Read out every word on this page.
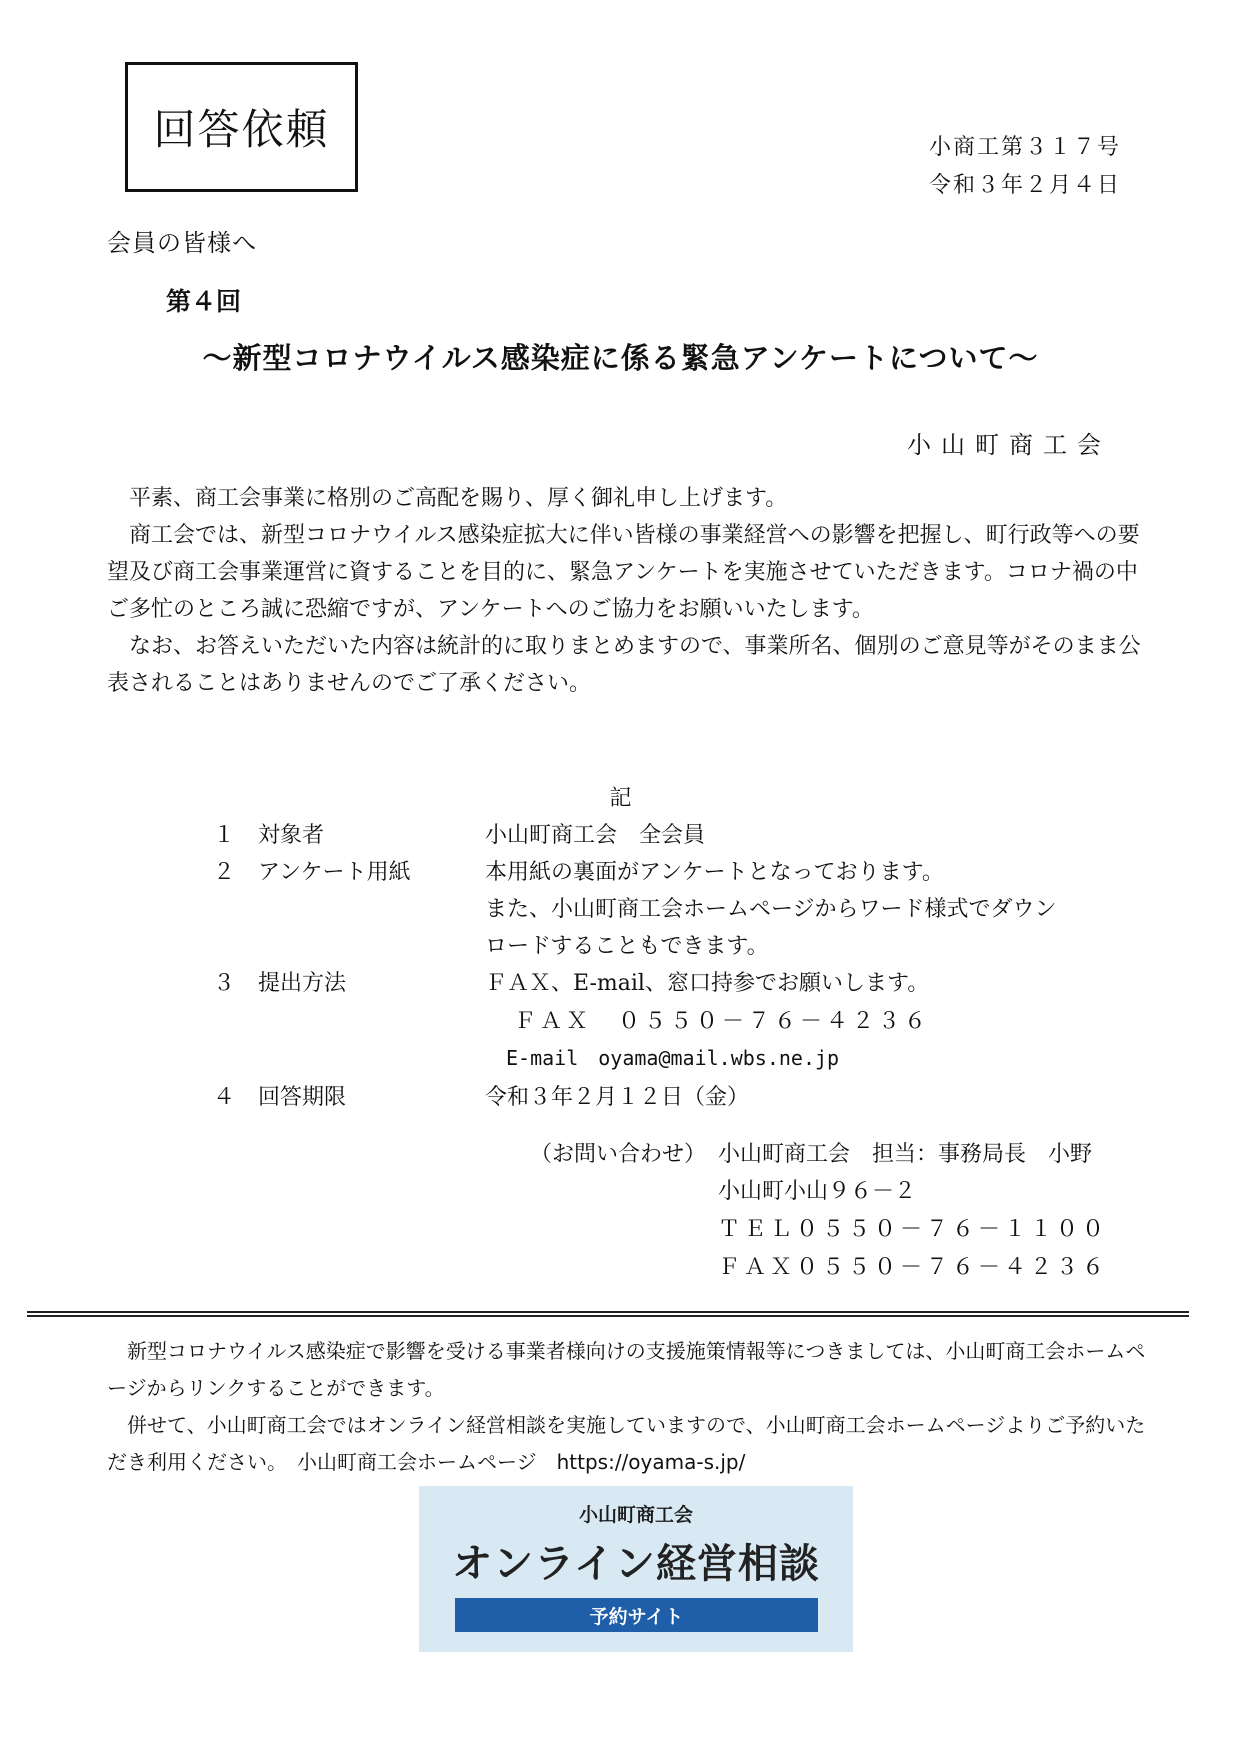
回答依頼	小商工第３１７号
令和３年２月４日
会員の皆様へ
第４回
～新型コロナウイルス感染症に係る緊急アンケートについて～
小山町商工会

平素、商工会事業に格別のご高配を賜り、厚く御礼申し上げます。

商工会では、新型コロナウイルス感染症拡大に伴い皆様の事業経営への影響を把握し、町行政等への要望及び商工会事業運営に資することを目的に、緊急アンケートを実施させていただきます。コロナ禍の中ご多忙のところ誠に恐縮ですが、アンケートへのご協力をお願いいたします。

なお、お答えいただいた内容は統計的に取りまとめますので、事業所名、個別のご意見等がそのまま公表されることはありませんのでご了承ください。

記
１ 対象者	小山町商工会　全会員
２ アンケート用紙	本用紙の裏面がアンケートとなっております。
また、小山町商工会ホームページからワード様式でダウン
ロードすることもできます。
３ 提出方法	ＦＡＸ、E-mail、窓口持参でお願いします。
ＦＡＸ　０５５０－７６－４２３６
E-mail　oyama@mail.wbs.ne.jp
４ 回答期限	令和３年２月１２日（金）
（お問い合わせ） 小山町商工会　担当：事務局長　小野
小山町小山９６－２
ＴＥＬ０５５０－７６－１１００
ＦＡＸ０５５０－７６－４２３６

新型コロナウイルス感染症で影響を受ける事業者様向けの支援施策情報等につきましては、小山町商工会ホームページからリンクすることができます。

併せて、小山町商工会ではオンライン経営相談を実施していますので、小山町商工会ホームページよりご予約いただき利用ください。　小山町商工会ホームページ　https://oyama-s.jp/

小山町商工会
オンライン経営相談
予約サイト
